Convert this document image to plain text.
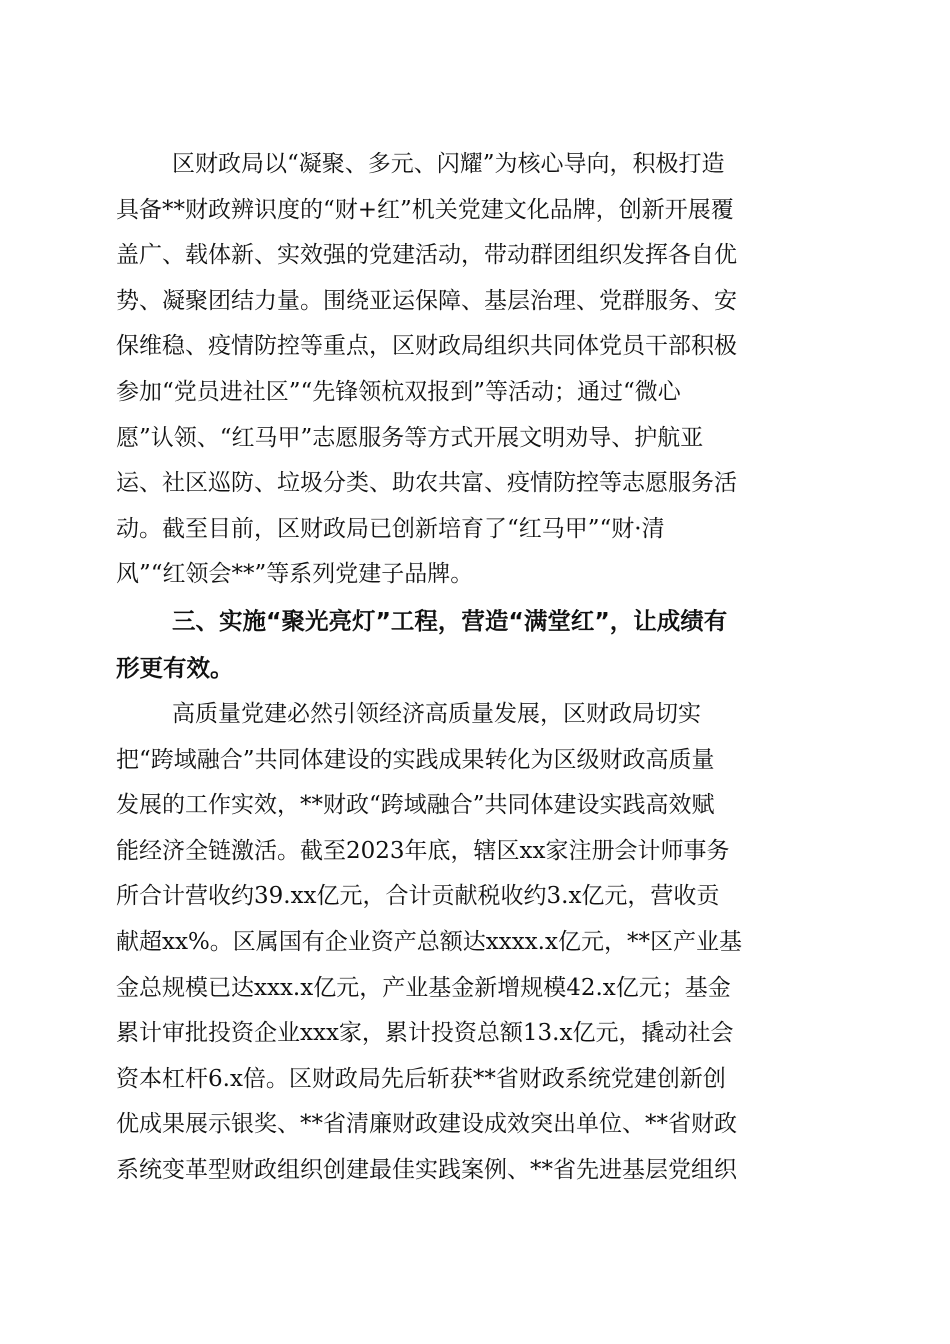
区财政局以“凝聚、多元、闪耀”为核心导向，积极打造
具备**财政辨识度的“财+红”机关党建文化品牌，创新开展覆
盖广、载体新、实效强的党建活动，带动群团组织发挥各自优
势、凝聚团结力量。围绕亚运保障、基层治理、党群服务、安
保维稳、疫情防控等重点，区财政局组织共同体党员干部积极
参加“党员进社区”“先锋领杭双报到”等活动；通过“微心
愿”认领、“红马甲”志愿服务等方式开展文明劝导、护航亚
运、社区巡防、垃圾分类、助农共富、疫情防控等志愿服务活
动。截至目前，区财政局已创新培育了“红马甲”“财·清
风”“红领会**”等系列党建子品牌。
三、实施“聚光亮灯”工程，营造“满堂红”，让成绩有
形更有效。
高质量党建必然引领经济高质量发展，区财政局切实
把“跨域融合”共同体建设的实践成果转化为区级财政高质量
发展的工作实效，**财政“跨域融合”共同体建设实践高效赋
能经济全链激活。截至2023年底，辖区xx家注册会计师事务
所合计营收约39.xx亿元，合计贡献税收约3.x亿元，营收贡
献超xx%。区属国有企业资产总额达xxxx.x亿元，**区产业基
金总规模已达xxx.x亿元，产业基金新增规模42.x亿元；基金
累计审批投资企业xxx家，累计投资总额13.x亿元，撬动社会
资本杠杆6.x倍。区财政局先后斩获**省财政系统党建创新创
优成果展示银奖、**省清廉财政建设成效突出单位、**省财政
系统变革型财政组织创建最佳实践案例、**省先进基层党组织
